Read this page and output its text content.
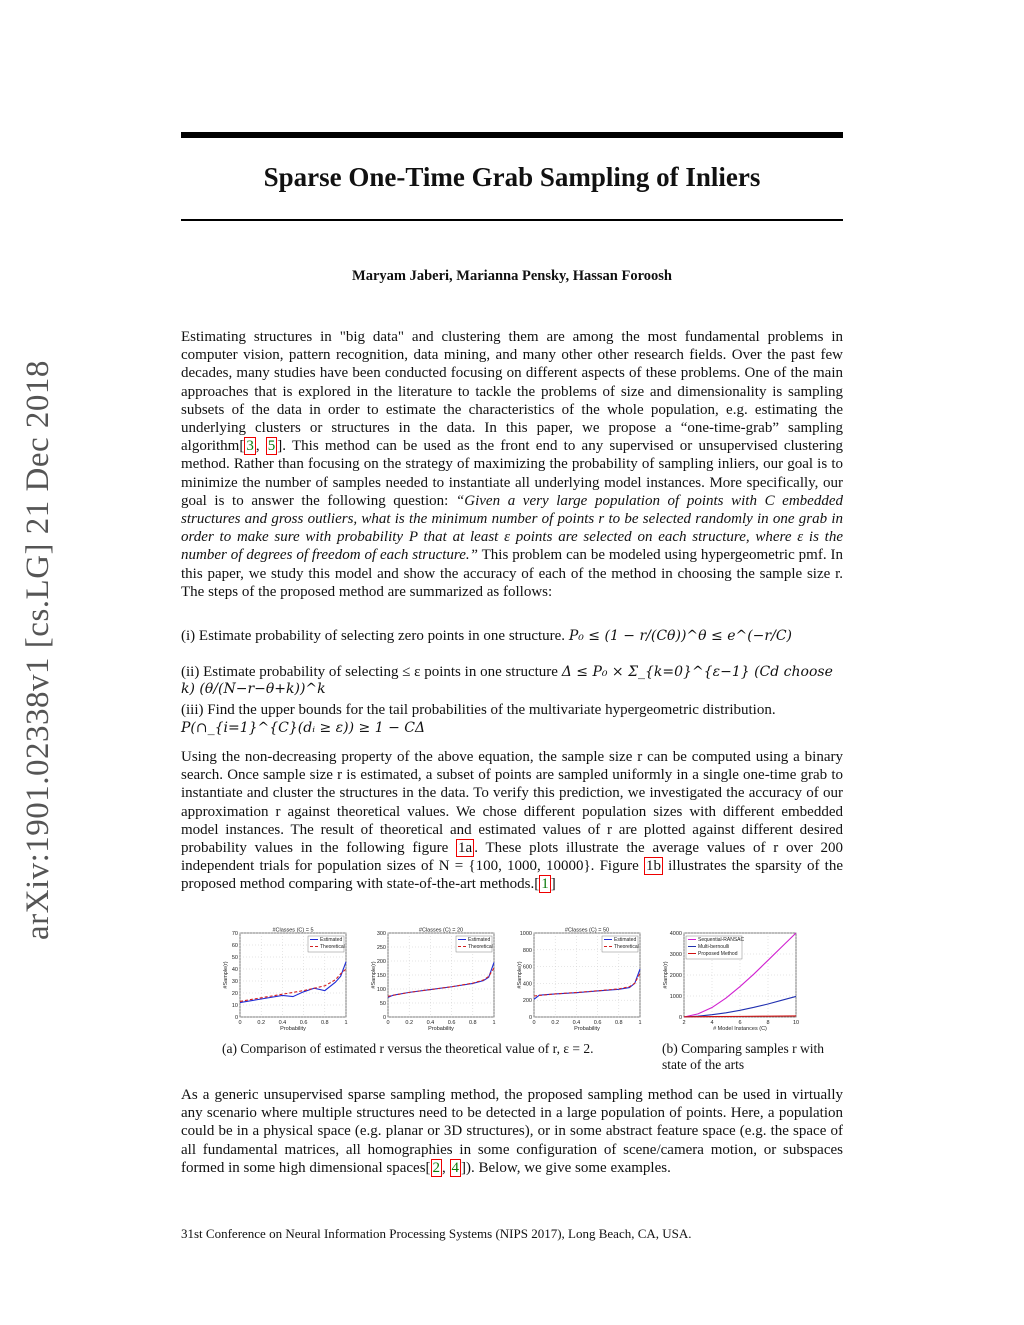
arXiv:1901.02338v1 [cs.LG] 21 Dec 2018
Sparse One-Time Grab Sampling of Inliers
Maryam Jaberi, Marianna Pensky, Hassan Foroosh
Estimating structures in "big data" and clustering them are among the most fundamental problems in computer vision, pattern recognition, data mining, and many other other research fields. Over the past few decades, many studies have been conducted focusing on different aspects of these problems. One of the main approaches that is explored in the literature to tackle the problems of size and dimensionality is sampling subsets of the data in order to estimate the characteristics of the whole population, e.g. estimating the underlying clusters or structures in the data. In this paper, we propose a “one-time-grab” sampling algorithm[ 3 , 5 ]. This method can be used as the front end to any supervised or unsupervised clustering method. Rather than focusing on the strategy of maximizing the probability of sampling inliers, our goal is to minimize the number of samples needed to instantiate all underlying model instances. More specifically, our goal is to answer the following question: “Given a very large population of points with C embedded structures and gross outliers, what is the minimum number of points r to be selected randomly in one grab in order to make sure with probability P that at least ε points are selected on each structure, where ε is the number of degrees of freedom of each structure.” This problem can be modeled using hypergeometric pmf. In this paper, we study this model and show the accuracy of each of the method in choosing the sample size r. The steps of the proposed method are summarized as follows:
(i) Estimate probability of selecting zero points in one structure. P₀ ≤ (1 − r/(Cθ))^θ ≤ e^(−r/C)
(ii) Estimate probability of selecting ≤ ε points in one structure Δ ≤ P₀ × Σ_{k=0}^{ε−1} (Cd choose k) (θ/(N−r−θ+k))^k
(iii) Find the upper bounds for the tail probabilities of the multivariate hypergeometric distribution.
P(∩_{i=1}^{C}(dᵢ ≥ ε)) ≥ 1 − CΔ
Using the non-decreasing property of the above equation, the sample size r can be computed using a binary search. Once sample size r is estimated, a subset of points are sampled uniformly in a single one-time grab to instantiate and cluster the structures in the data. To verify this prediction, we investigated the accuracy of our approximation r against theoretical values. We chose different population sizes with different embedded model instances. The result of theoretical and estimated values of r are plotted against different desired probability values in the following figure 1a . These plots illustrate the average values of r over 200 independent trials for population sizes of N = {100, 1000, 10000}. Figure 1b illustrates the sparsity of the proposed method comparing with state-of-the-art methods.[ 1 ]
0	0.2 0.4 0.6 0.8	1
0
10
20
30
40
50
60
70
#Classes (C) = 5
Probability
#Sample(r)
Estimated
Theoretical
0	0.2 0.4 0.6 0.8	1
0
50
100
150
200
250
300
#Classes (C) = 20
Probability
#Sample(r)
Estimated
Theoretical
0	0.2 0.4 0.6 0.8	1
0
200
400
600
800
1000
#Classes (C) = 50
Probability
#Sample(r)
Estimated
Theoretical
2	4	6	8	10
0
1000
2000
3000
4000
# Model Instances (C)
#Sample(r)
Sequential-RANSAC
Multi-bernoulli
Proposed Method
(a) Comparison of estimated r versus the theoretical value of r, ε = 2.	(b) Comparing samples r with state of the arts
As a generic unsupervised sparse sampling method, the proposed sampling method can be used in virtually any scenario where multiple structures need to be detected in a large population of points. Here, a population could be in a physical space (e.g. planar or 3D structures), or in some abstract feature space (e.g. the space of all fundamental matrices, all homographies in some configuration of scene/camera motion, or subspaces formed in some high dimensional spaces[ 2 , 4 ]). Below, we give some examples.
31st Conference on Neural Information Processing Systems (NIPS 2017), Long Beach, CA, USA.
